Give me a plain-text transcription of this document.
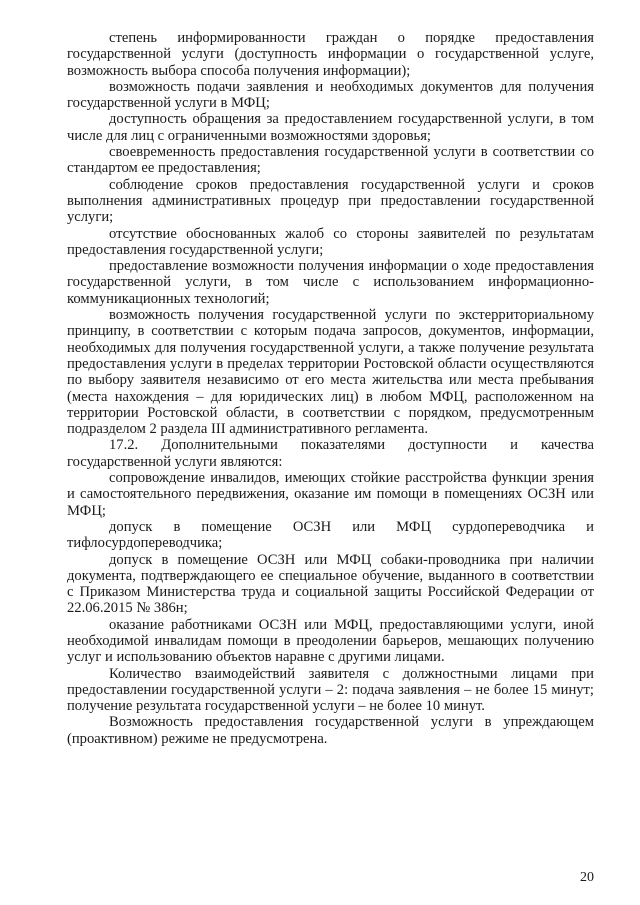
степень информированности граждан о порядке предоставления государственной услуги (доступность информации о государственной услуге, возможность выбора способа получения информации);

возможность подачи заявления и необходимых документов для получения государственной услуги в МФЦ;

доступность обращения за предоставлением государственной услуги, в том числе для лиц с ограниченными возможностями здоровья;

своевременность предоставления государственной услуги в соответствии со стандартом ее предоставления;

соблюдение сроков предоставления государственной услуги и сроков выполнения административных процедур при предоставлении государственной услуги;

отсутствие обоснованных жалоб со стороны заявителей по результатам предоставления государственной услуги;

предоставление возможности получения информации о ходе предоставления государственной услуги, в том числе с использованием информационно-коммуникационных технологий;

возможность получения государственной услуги по экстерриториальному принципу, в соответствии с которым подача запросов, документов, информации, необходимых для получения государственной услуги, а также получение результата предоставления услуги в пределах территории Ростовской области осуществляются по выбору заявителя независимо от его места жительства или места пребывания (места нахождения – для юридических лиц) в любом МФЦ, расположенном на территории Ростовской области, в соответствии с порядком, предусмотренным подразделом 2 раздела III административного регламента.

17.2. Дополнительными показателями доступности и качества государственной услуги являются:

сопровождение инвалидов, имеющих стойкие расстройства функции зрения и самостоятельного передвижения, оказание им помощи в помещениях ОСЗН или МФЦ;

допуск в помещение ОСЗН или МФЦ сурдопереводчика и тифлосурдопереводчика;

допуск в помещение ОСЗН или МФЦ собаки-проводника при наличии документа, подтверждающего ее специальное обучение, выданного в соответствии с Приказом Министерства труда и социальной защиты Российской Федерации от 22.06.2015 № 386н;

оказание работниками ОСЗН или МФЦ, предоставляющими услуги, иной необходимой инвалидам помощи в преодолении барьеров, мешающих получению услуг и использованию объектов наравне с другими лицами.

Количество взаимодействий заявителя с должностными лицами при предоставлении государственной услуги – 2: подача заявления – не более 15 минут; получение результата государственной услуги – не более 10 минут.

Возможность предоставления государственной услуги в упреждающем (проактивном) режиме не предусмотрена.

20
